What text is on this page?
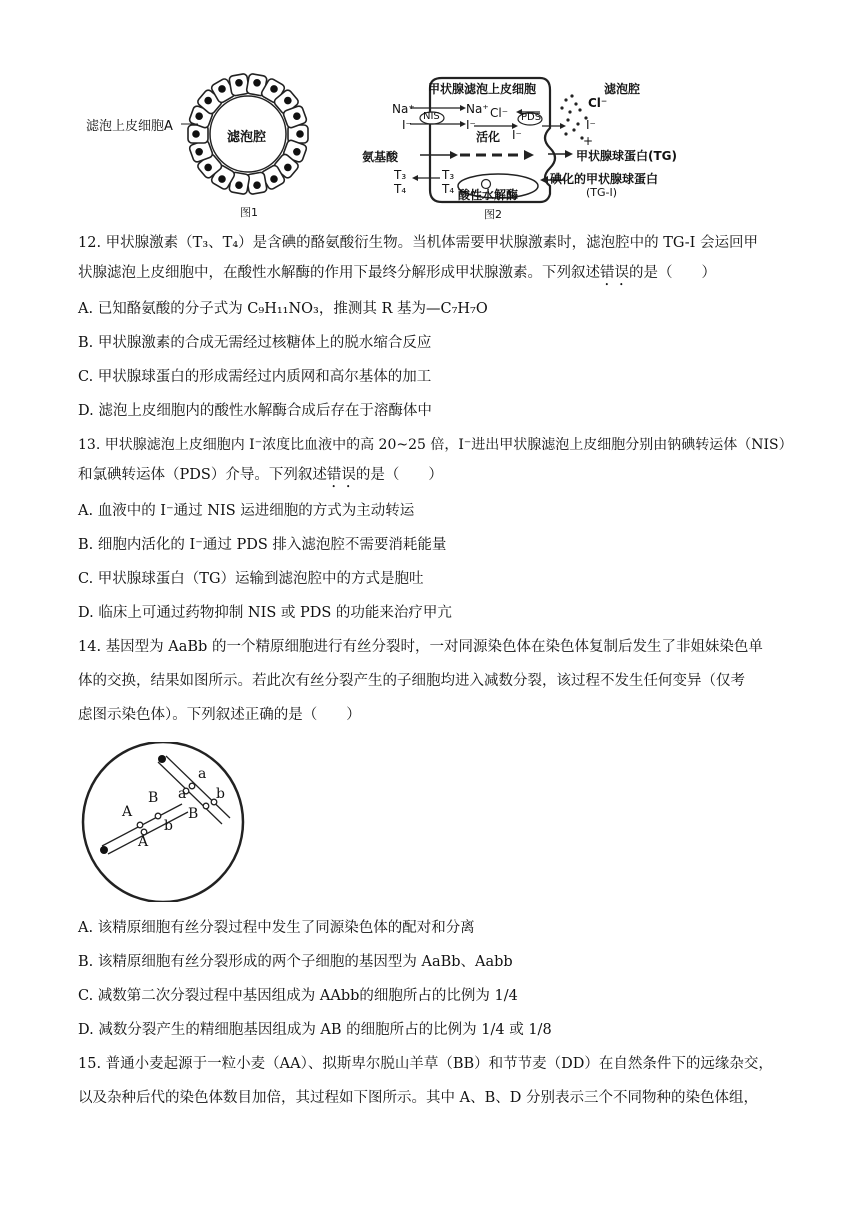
滤泡上皮细胞A
滤泡腔
图1
甲状腺滤泡上皮细胞	滤泡腔
Na⁺
I⁻
NIS
Na⁺
I⁻
Cl⁻ PDS
Cl⁻
I⁻
+
活化 I⁻
氨基酸	甲状腺球蛋白(TG)
T₃
T₄
T₃
T₄ 酸性水解酶
碘化的甲状腺球蛋白
(TG-I)
图2
12. 甲状腺激素（T₃、T₄）是含碘的酪氨酸衍生物。当机体需要甲状腺激素时，滤泡腔中的 TG-I 会运回甲
状腺滤泡上皮细胞中，在酸性水解酶的作用下最终分解形成甲状腺激素。下列叙述错误的是（　　）
A. 已知酪氨酸的分子式为 C₉H₁₁NO₃，推测其 R 基为—C₇H₇O
B. 甲状腺激素的合成无需经过核糖体上的脱水缩合反应
C. 甲状腺球蛋白的形成需经过内质网和高尔基体的加工
D. 滤泡上皮细胞内的酸性水解酶合成后存在于溶酶体中
13. 甲状腺滤泡上皮细胞内 I⁻浓度比血液中的高 20~25 倍，I⁻进出甲状腺滤泡上皮细胞分别由钠碘转运体（NIS）
和氯碘转运体（PDS）介导。下列叙述错误的是（　　）
A. 血液中的 I⁻通过 NIS 运进细胞的方式为主动转运
B. 细胞内活化的 I⁻通过 PDS 排入滤泡腔不需要消耗能量
C. 甲状腺球蛋白（TG）运输到滤泡腔中的方式是胞吐
D. 临床上可通过药物抑制 NIS 或 PDS 的功能来治疗甲亢
14. 基因型为 AaBb 的一个精原细胞进行有丝分裂时，一对同源染色体在染色体复制后发生了非姐妹染色单
体的交换，结果如图所示。若此次有丝分裂产生的子细胞均进入减数分裂，该过程不发生任何变异（仅考
虑图示染色体）。下列叙述正确的是（　　）
A
B
A
b
a
a b
B
A. 该精原细胞有丝分裂过程中发生了同源染色体的配对和分离
B. 该精原细胞有丝分裂形成的两个子细胞的基因型为 AaBb、Aabb
C. 减数第二次分裂过程中基因组成为 AAbb的细胞所占的比例为 1/4
D. 减数分裂产生的精细胞基因组成为 AB 的细胞所占的比例为 1/4 或 1/8
15. 普通小麦起源于一粒小麦（AA）、拟斯卑尔脱山羊草（BB）和节节麦（DD）在自然条件下的远缘杂交，
以及杂种后代的染色体数目加倍，其过程如下图所示。其中 A、B、D 分别表示三个不同物种的染色体组，
